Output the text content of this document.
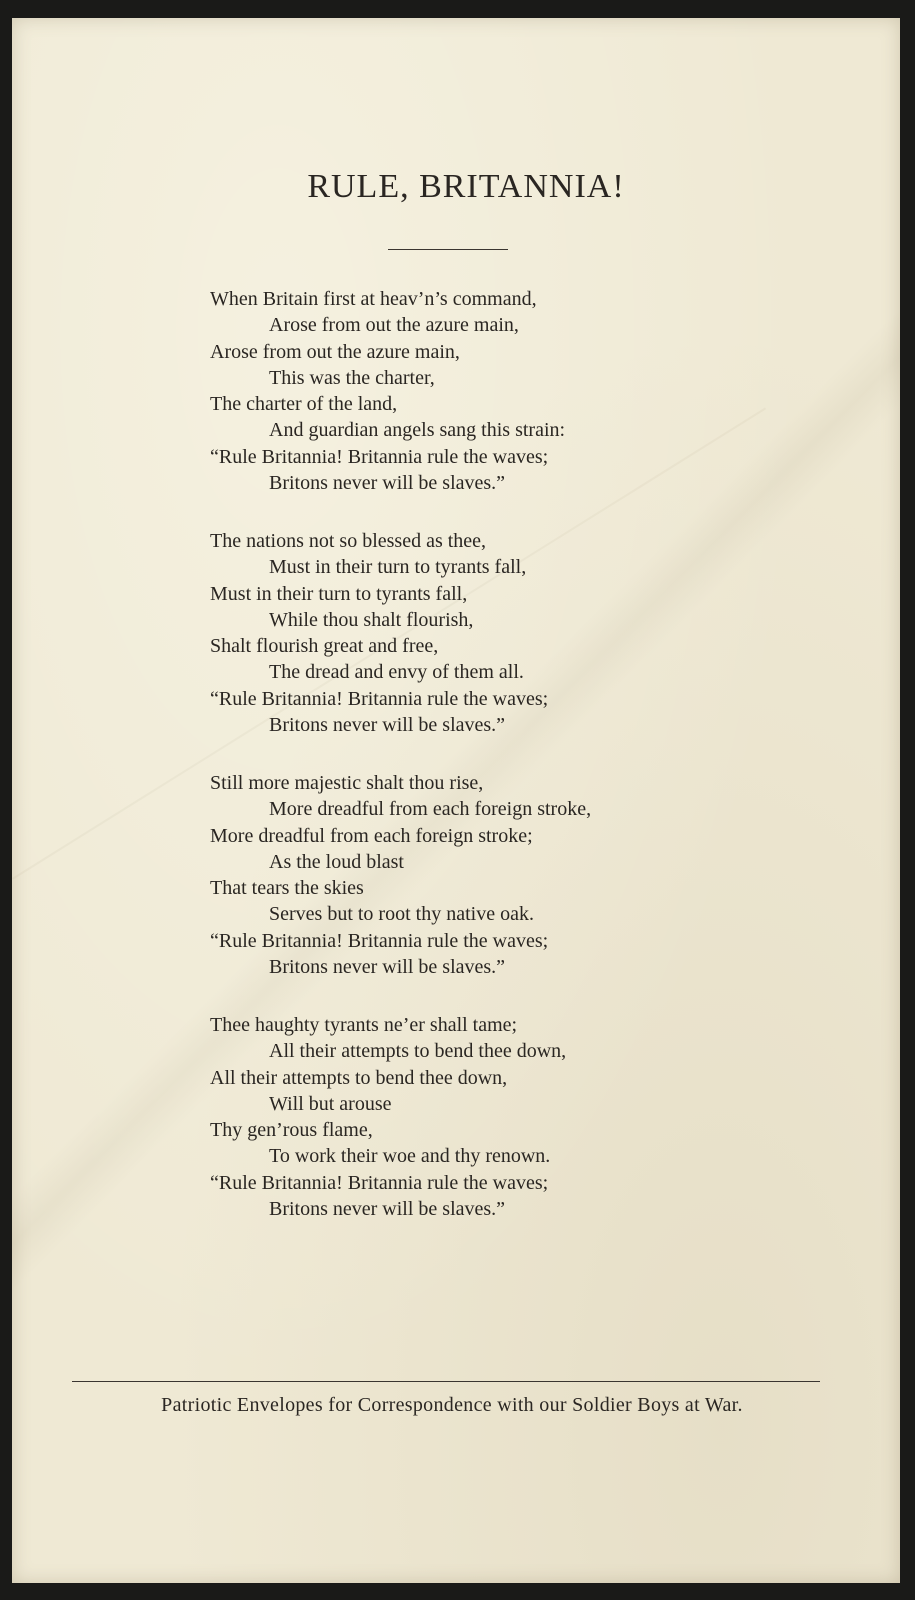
RULE, BRITANNIA!
When Britain first at heav’n’s command,
Arose from out the azure main,
Arose from out the azure main,
This was the charter,
The charter of the land,
And guardian angels sang this strain:
“Rule Britannia! Britannia rule the waves;
Britons never will be slaves.”
The nations not so blessed as thee,
Must in their turn to tyrants fall,
Must in their turn to tyrants fall,
While thou shalt flourish,
Shalt flourish great and free,
The dread and envy of them all.
“Rule Britannia! Britannia rule the waves;
Britons never will be slaves.”
Still more majestic shalt thou rise,
More dreadful from each foreign stroke,
More dreadful from each foreign stroke;
As the loud blast
That tears the skies
Serves but to root thy native oak.
“Rule Britannia! Britannia rule the waves;
Britons never will be slaves.”
Thee haughty tyrants ne’er shall tame;
All their attempts to bend thee down,
All their attempts to bend thee down,
Will but arouse
Thy gen’rous flame,
To work their woe and thy renown.
“Rule Britannia! Britannia rule the waves;
Britons never will be slaves.”
Patriotic Envelopes for Correspondence with our Soldier Boys at War.
